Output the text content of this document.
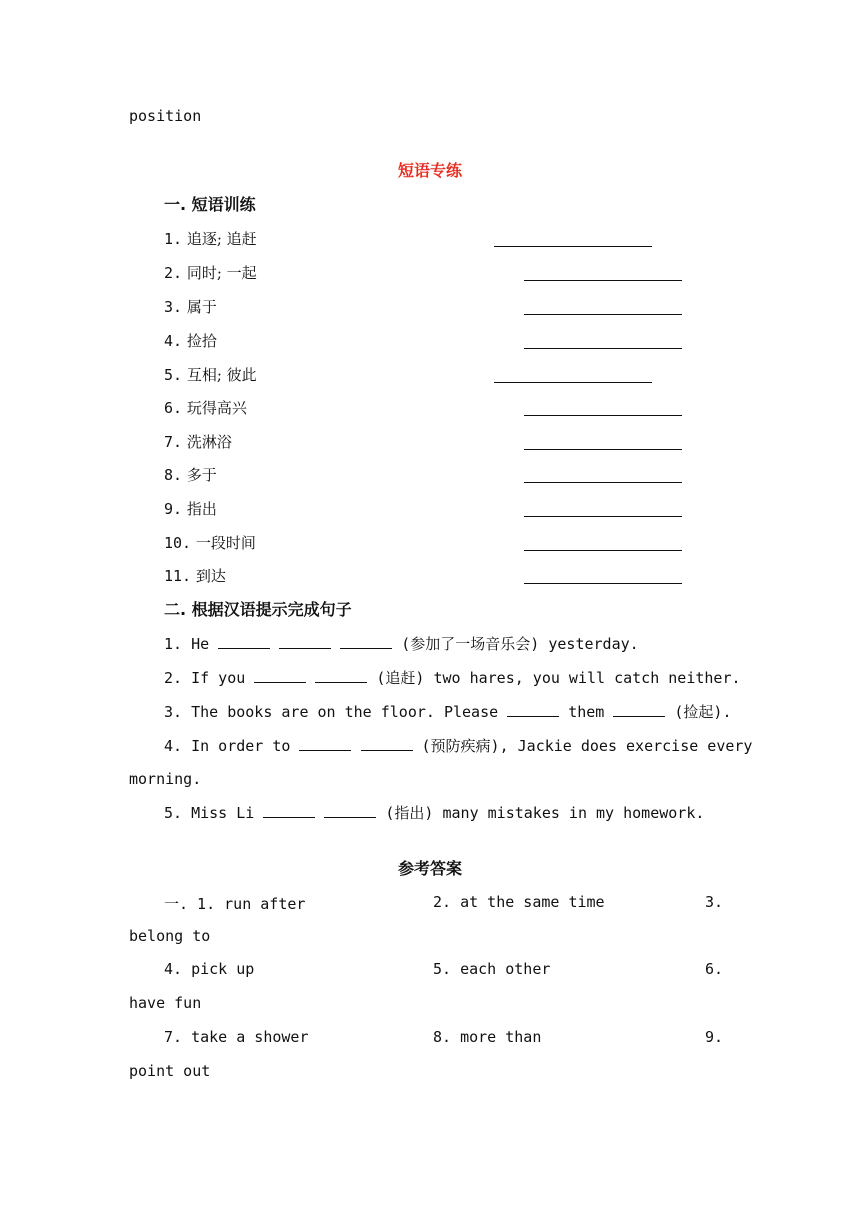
position
短语专练
一. 短语训练
1. 追逐; 追赶
2. 同时; 一起
3. 属于
4. 捡拾
5. 互相; 彼此
6. 玩得高兴
7. 洗淋浴
8. 多于
9. 指出
10. 一段时间
11. 到达
二. 根据汉语提示完成句子
1. He	(参加了一场音乐会) yesterday.
2. If you	(追赶) two hares, you will catch neither.
3. The books are on the floor. Please	them	(捡起).
4. In order to	(预防疾病), Jackie does exercise every
morning.
5. Miss Li	(指出) many mistakes in my homework.
参考答案
一. 1. run after	2. at the same time	3.
belong to
4. pick up	5. each other	6.
have fun
7. take a shower	8. more than	9.
point out
